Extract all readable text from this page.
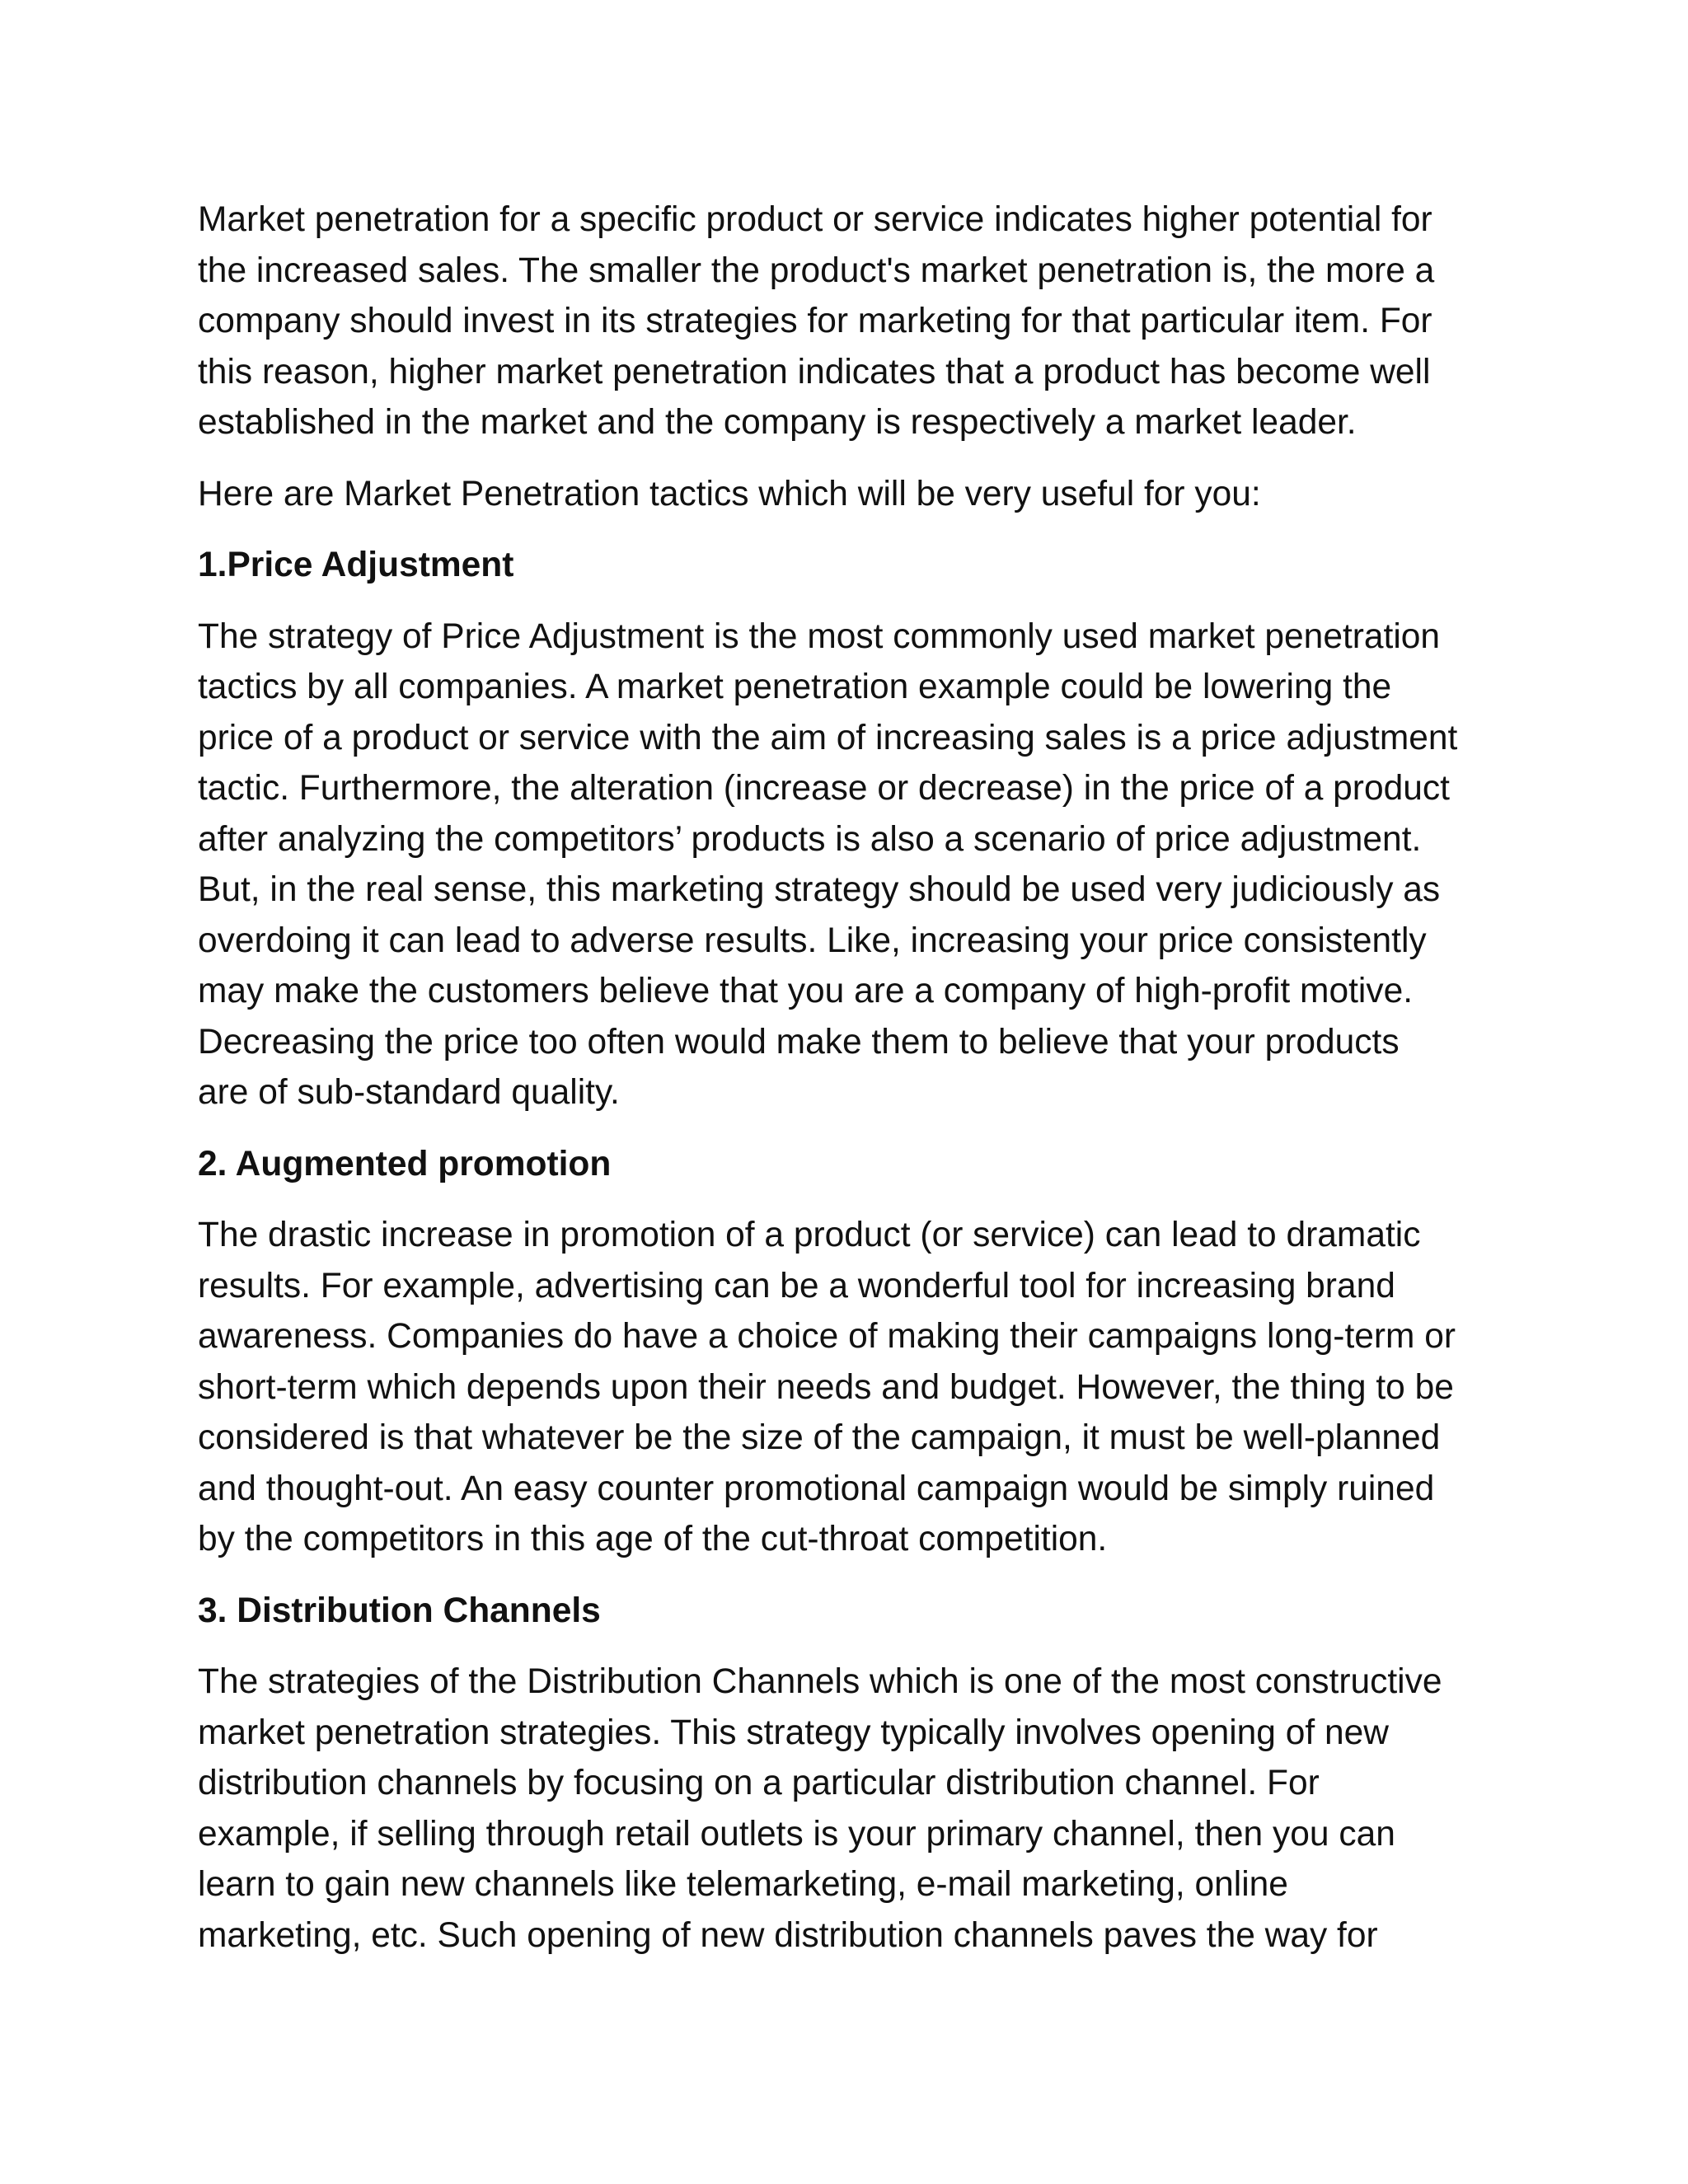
Market penetration for a specific product or service indicates higher potential for
the increased sales. The smaller the product's market penetration is, the more a
company should invest in its strategies for marketing for that particular item. For
this reason, higher market penetration indicates that a product has become well
established in the market and the company is respectively a market leader.

Here are Market Penetration tactics which will be very useful for you:

1.Price Adjustment

The strategy of Price Adjustment is the most commonly used market penetration
tactics by all companies. A market penetration example could be lowering the
price of a product or service with the aim of increasing sales is a price adjustment
tactic. Furthermore, the alteration (increase or decrease) in the price of a product
after analyzing the competitors’ products is also a scenario of price adjustment.
But, in the real sense, this marketing strategy should be used very judiciously as
overdoing it can lead to adverse results. Like, increasing your price consistently
may make the customers believe that you are a company of high-profit motive.
Decreasing the price too often would make them to believe that your products
are of sub-standard quality.

2. Augmented promotion

The drastic increase in promotion of a product (or service) can lead to dramatic
results. For example, advertising can be a wonderful tool for increasing brand
awareness. Companies do have a choice of making their campaigns long-term or
short-term which depends upon their needs and budget. However, the thing to be
considered is that whatever be the size of the campaign, it must be well-planned
and thought-out. An easy counter promotional campaign would be simply ruined
by the competitors in this age of the cut-throat competition.

3. Distribution Channels

The strategies of the Distribution Channels which is one of the most constructive
market penetration strategies. This strategy typically involves opening of new
distribution channels by focusing on a particular distribution channel. For
example, if selling through retail outlets is your primary channel, then you can
learn to gain new channels like telemarketing, e-mail marketing, online
marketing, etc. Such opening of new distribution channels paves the way for
